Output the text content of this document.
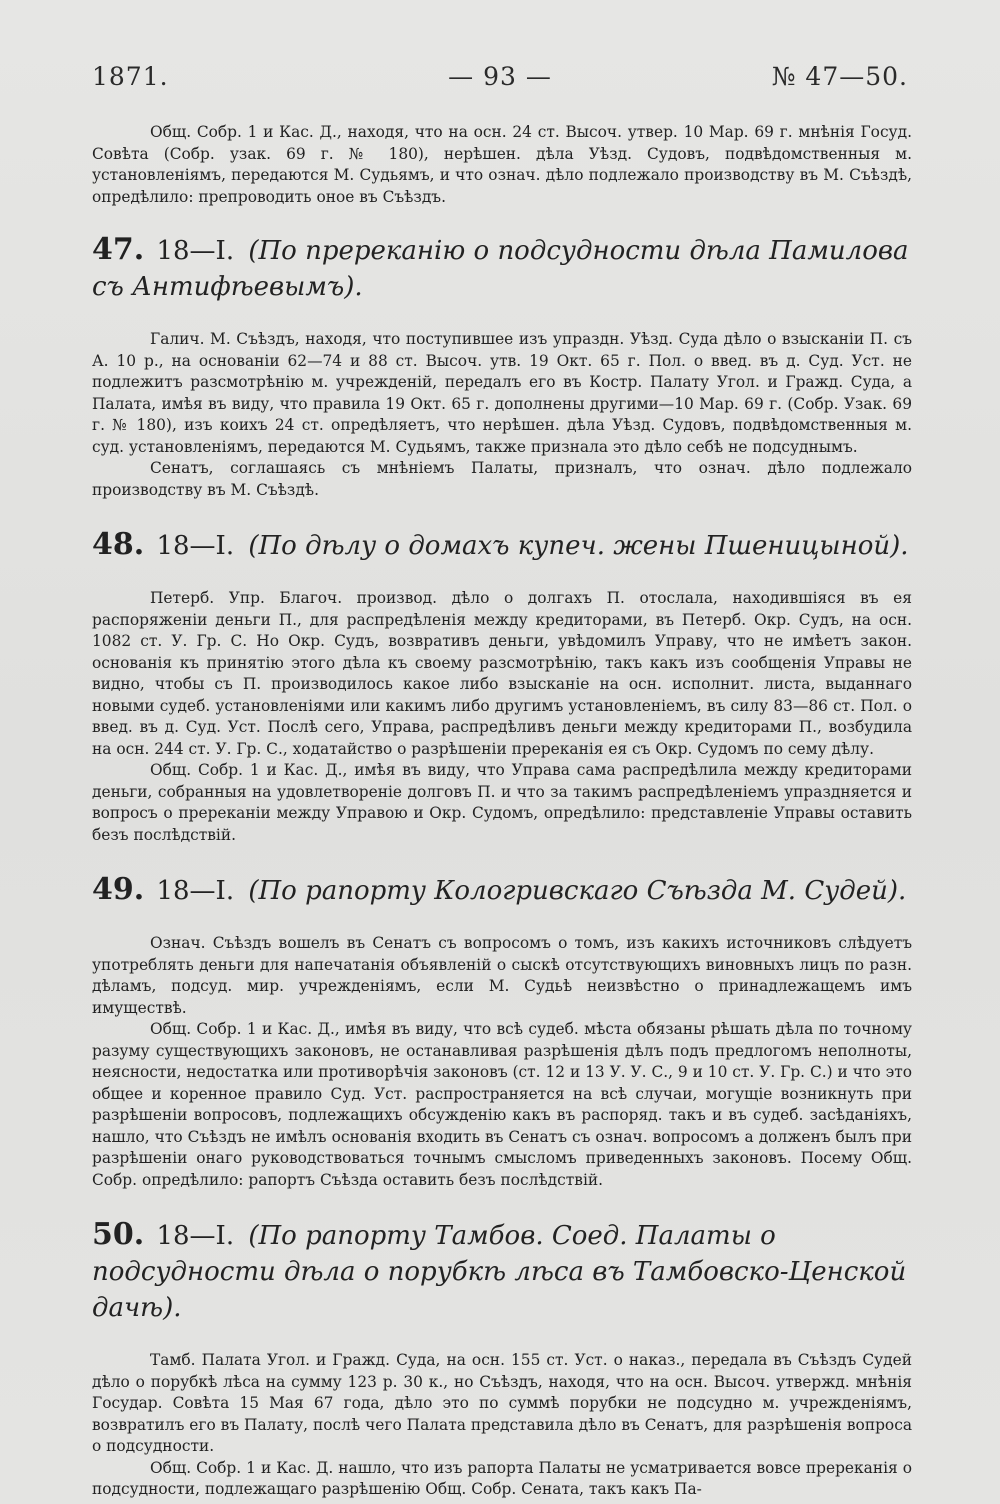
1871.	— 93 —	№ 47—50.

Общ. Собр. 1 и Кас. Д., находя, что на осн. 24 ст. Высоч. утвер. 10 Мар. 69 г. мнѣнія Госуд. Совѣта (Собр. узак. 69 г. № 180), нерѣшен. дѣла Уѣзд. Судовъ, подвѣдомственныя м. установленіямъ, передаются М. Судьямъ, и что означ. дѣло подлежало производству въ М. Съѣздѣ, опредѣлило: препроводить оное въ Съѣздъ.

47. 18—I. (По пререканію о подсудности дѣла Памилова съ Антифѣевымъ).

Галич. М. Съѣздъ, находя, что поступившее изъ упраздн. Уѣзд. Суда дѣло о взысканіи П. съ А. 10 р., на основаніи 62—74 и 88 ст. Высоч. утв. 19 Окт. 65 г. Пол. о введ. въ д. Суд. Уст. не подлежитъ разсмотрѣнію м. учрежденій, передалъ его въ Костр. Палату Угол. и Гражд. Суда, а Палата, имѣя въ виду, что правила 19 Окт. 65 г. дополнены другими—10 Мар. 69 г. (Собр. Узак. 69 г. № 180), изъ коихъ 24 ст. опредѣляетъ, что нерѣшен. дѣла Уѣзд. Судовъ, подвѣдомственныя м. суд. установленіямъ, передаются М. Судьямъ, также признала это дѣло себѣ не подсуднымъ.

Сенатъ, соглашаясь съ мнѣніемъ Палаты, призналъ, что означ. дѣло подлежало производству въ М. Съѣздѣ.

48. 18—I. (По дѣлу о домахъ купеч. жены Пшеницыной).

Петерб. Упр. Благоч. производ. дѣло о долгахъ П. отослала, находившіяся въ ея распоряженіи деньги П., для распредѣленія между кредиторами, въ Петерб. Окр. Судъ, на осн. 1082 ст. У. Гр. С. Но Окр. Судъ, возвративъ деньги, увѣдомилъ Управу, что не имѣетъ закон. основанія къ принятію этого дѣла къ своему разсмотрѣнію, такъ какъ изъ сообщенія Управы не видно, чтобы съ П. производилось какое либо взысканіе на осн. исполнит. листа, выданнаго новыми судеб. установленіями или какимъ либо другимъ установленіемъ, въ силу 83—86 ст. Пол. о введ. въ д. Суд. Уст. Послѣ сего, Управа, распредѣливъ деньги между кредиторами П., возбудила на осн. 244 ст. У. Гр. С., ходатайство о разрѣшеніи пререканія ея съ Окр. Судомъ по сему дѣлу.

Общ. Собр. 1 и Кас. Д., имѣя въ виду, что Управа сама распредѣлила между кредиторами деньги, собранныя на удовлетвореніе долговъ П. и что за такимъ распредѣленіемъ упраздняется и вопросъ о пререканіи между Управою и Окр. Судомъ, опредѣлило: представленіе Управы оставить безъ послѣдствій.

49. 18—I. (По рапорту Кологривскаго Съѣзда М. Судей).

Означ. Съѣздъ вошелъ въ Сенатъ съ вопросомъ о томъ, изъ какихъ источниковъ слѣдуетъ употреблять деньги для напечатанія объявленій о сыскѣ отсутствующихъ виновныхъ лицъ по разн. дѣламъ, подсуд. мир. учрежденіямъ, если М. Судьѣ неизвѣстно о принадлежащемъ имъ имуществѣ.

Общ. Собр. 1 и Кас. Д., имѣя въ виду, что всѣ судеб. мѣста обязаны рѣшать дѣла по точному разуму существующихъ законовъ, не останавливая разрѣшенія дѣлъ подъ предлогомъ неполноты, неясности, недостатка или противорѣчія законовъ (ст. 12 и 13 У. У. С., 9 и 10 ст. У. Гр. С.) и что это общее и коренное правило Суд. Уст. распространяется на всѣ случаи, могущіе возникнуть при разрѣшеніи вопросовъ, подлежащихъ обсужденію какъ въ распоряд. такъ и въ судеб. засѣданіяхъ, нашло, что Съѣздъ не имѣлъ основанія входить въ Сенатъ съ означ. вопросомъ а долженъ былъ при разрѣшеніи онаго руководствоваться точнымъ смысломъ приведенныхъ законовъ. Посему Общ. Собр. опредѣлило: рапортъ Съѣзда оставить безъ послѣдствій.

50. 18—I. (По рапорту Тамбов. Соед. Палаты о подсудности дѣла о порубкѣ лѣса въ Тамбовско-Ценской дачѣ).

Тамб. Палата Угол. и Гражд. Суда, на осн. 155 ст. Уст. о наказ., передала въ Съѣздъ Судей дѣло о порубкѣ лѣса на сумму 123 р. 30 к., но Съѣздъ, находя, что на осн. Высоч. утвержд. мнѣнія Государ. Совѣта 15 Мая 67 года, дѣло это по суммѣ порубки не подсудно м. учрежденіямъ, возвратилъ его въ Палату, послѣ чего Палата представила дѣло въ Сенатъ, для разрѣшенія вопроса о подсудности.

Общ. Собр. 1 и Кас. Д. нашло, что изъ рапорта Палаты не усматривается вовсе пререканія о подсудности, подлежащаго разрѣшенію Общ. Собр. Сената, такъ какъ Па-
